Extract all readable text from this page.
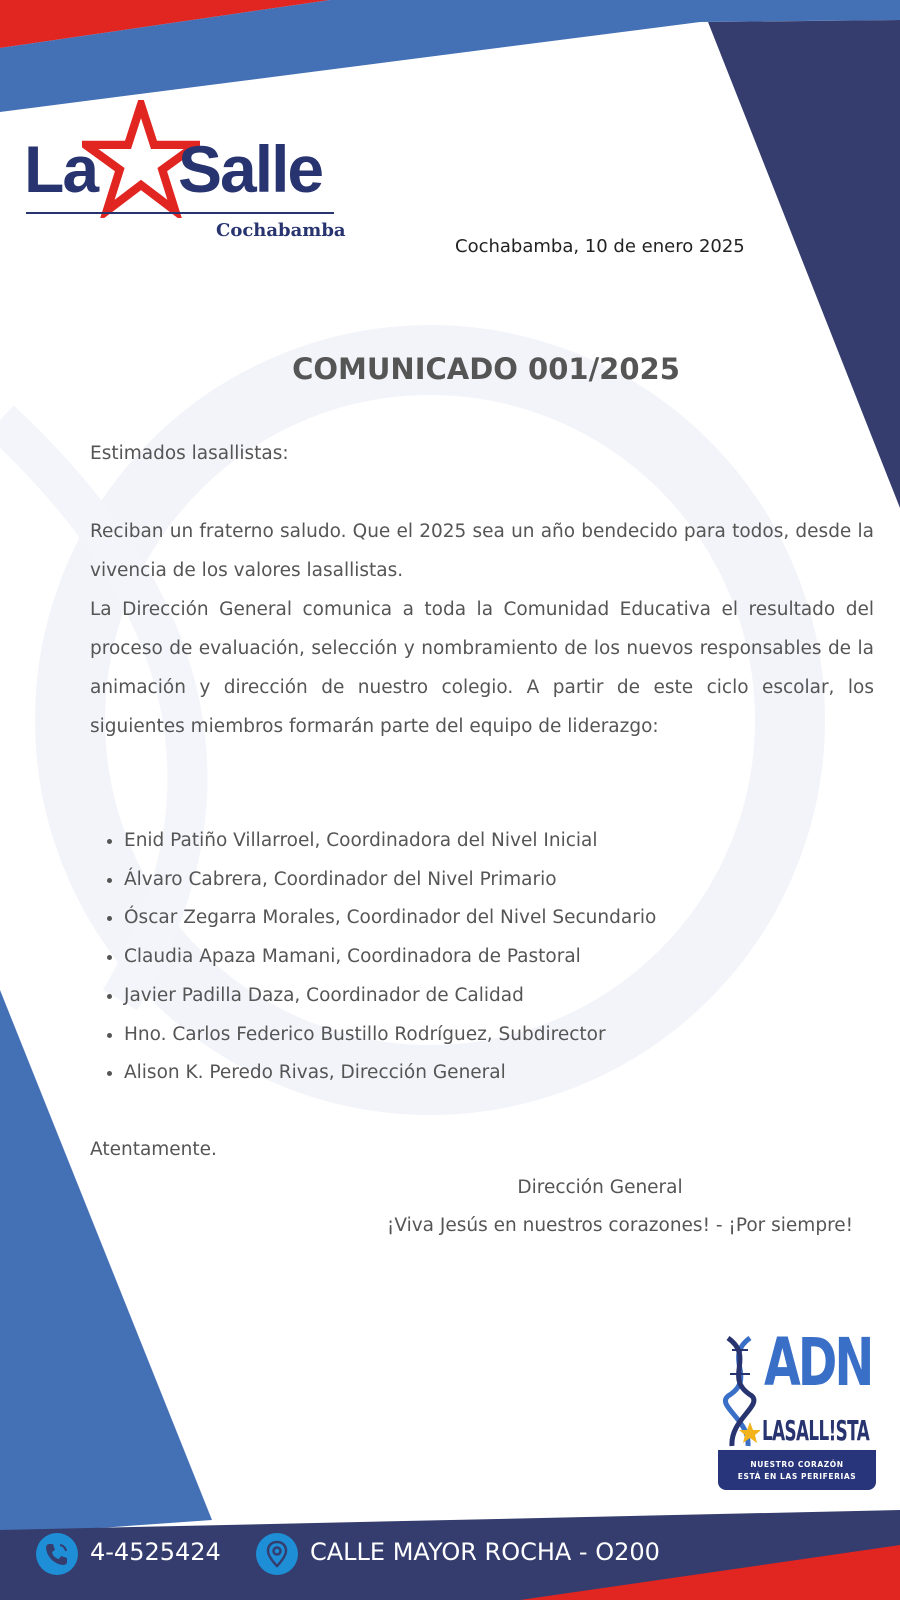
La Salle
Cochabamba
Cochabamba, 10 de enero 2025
COMUNICADO 001/2025
Estimados lasallistas:

Reciban un fraterno saludo. Que el 2025 sea un año bendecido para todos, desde la vivencia de los valores lasallistas.

La Dirección General comunica a toda la Comunidad Educativa el resultado del proceso de evaluación, selección y nombramiento de los nuevos responsables de la animación y dirección de nuestro colegio. A partir de este ciclo escolar, los siguientes miembros formarán parte del equipo de liderazgo:

• Enid Patiño Villarroel, Coordinadora del Nivel Inicial
• Álvaro Cabrera, Coordinador del Nivel Primario
• Óscar Zegarra Morales, Coordinador del Nivel Secundario
• Claudia Apaza Mamani, Coordinadora de Pastoral
• Javier Padilla Daza, Coordinador de Calidad
• Hno. Carlos Federico Bustillo Rodríguez, Subdirector
• Alison K. Peredo Rivas, Dirección General
Atentamente.
Dirección General
¡Viva Jesús en nuestros corazones! - ¡Por siempre!
ADN
LASALL!STA
NUESTRO CORAZÓN
ESTÁ EN LAS PERIFERIAS
4-4525424	CALLE MAYOR ROCHA - O200
